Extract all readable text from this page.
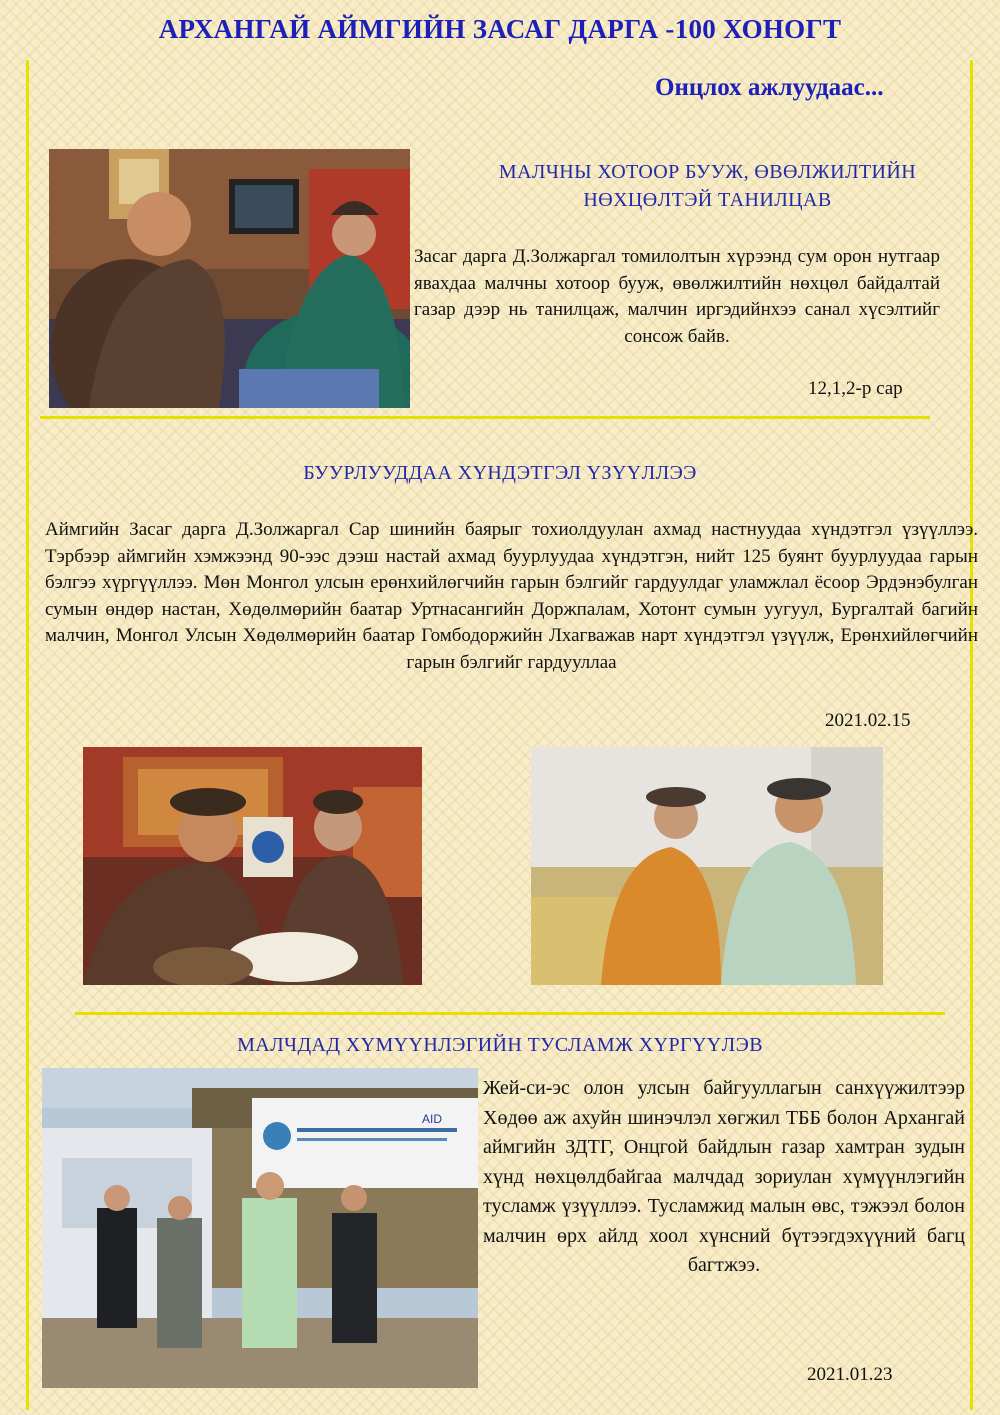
АРХАНГАЙ АЙМГИЙН ЗАСАГ ДАРГА -100 ХОНОГТ
Онцлох ажлуудаас...
МАЛЧНЫ ХОТООР БУУЖ, ӨВӨЛЖИЛТИЙН
НӨХЦӨЛТЭЙ ТАНИЛЦАВ
Засаг дарга Д.Золжаргал томилолтын хүрээнд сум орон нутгаар явахдаа малчны хотоор бууж, өвөлжилтийн нөхцөл байдалтай газар дээр нь танилцаж, малчин иргэдийнхээ санал хүсэлтийг сонсож байв.
12,1,2-р сар
БУУРЛУУДДАА ХҮНДЭТГЭЛ ҮЗҮҮЛЛЭЭ
Аймгийн Засаг дарга Д.Золжаргал Сар шинийн баярыг тохиолдуулан ахмад настнуудаа хүндэтгэл үзүүллээ. Тэрбээр аймгийн хэмжээнд 90-ээс дээш настай ахмад буурлуудаа хүндэтгэн, нийт 125 буянт буурлуудаа гарын бэлгээ хүргүүллээ. Мөн Монгол улсын ерөнхийлөгчийн гарын бэлгийг гардуулдаг уламжлал ёсоор Эрдэнэбулган сумын өндөр настан, Хөдөлмөрийн баатар Уртнасангийн Доржпалам, Хотонт сумын уугуул, Бургалтай багийн малчин, Монгол Улсын Хөдөлмөрийн баатар Гомбодоржийн Лхагважав нарт хүндэтгэл үзүүлж, Ерөнхийлөгчийн гарын бэлгийг гардууллаа
2021.02.15
МАЛЧДАД ХҮМҮҮНЛЭГИЙН ТУСЛАМЖ ХҮРГҮҮЛЭВ
AID
Жей-си-эс олон улсын байгууллагын санхүүжилтээр Хөдөө аж ахуйн шинэчлэл хөгжил ТББ болон Архангай аймгийн ЗДТГ, Онцгой байдлын газар хамтран зудын хүнд нөхцөлдбайгаа малчдад зориулан хүмүүнлэгийн тусламж үзүүллээ. Тусламжид малын өвс, тэжээл болон малчин өрх айлд хоол хүнсний бүтээгдэхүүний багц багтжээ.
2021.01.23
